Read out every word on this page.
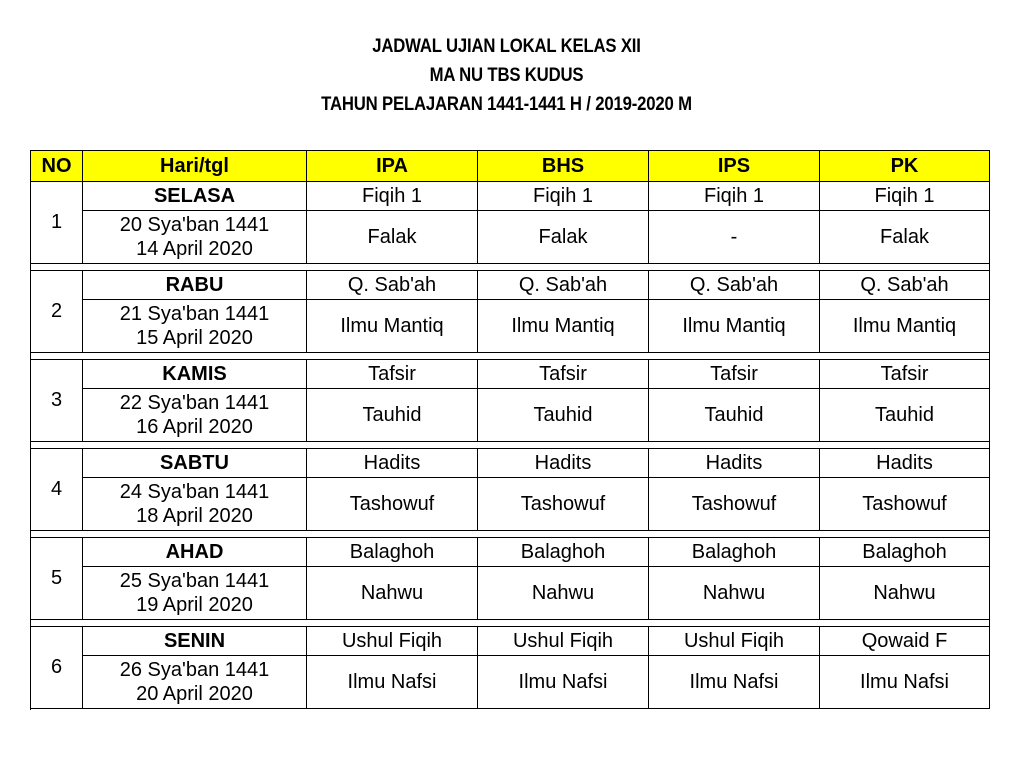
JADWAL UJIAN LOKAL KELAS XII
MA NU TBS KUDUS
TAHUN PELAJARAN 1441-1441 H / 2019-2020 M
NO	Hari/tgl	IPA	BHS	IPS	PK
1	SELASA	Fiqih 1	Fiqih 1	Fiqih 1	Fiqih 1

	20 Sya'ban 1441
14 April 2020	Falak	Falak	-	Falak

2	RABU	Q. Sab'ah	Q. Sab'ah	Q. Sab'ah	Q. Sab'ah

	21 Sya'ban 1441
15 April 2020	Ilmu Mantiq	Ilmu Mantiq	Ilmu Mantiq	Ilmu Mantiq

3	KAMIS	Tafsir	Tafsir	Tafsir	Tafsir

	22 Sya'ban 1441
16 April 2020	Tauhid	Tauhid	Tauhid	Tauhid

4	SABTU	Hadits	Hadits	Hadits	Hadits

	24 Sya'ban 1441
18 April 2020	Tashowuf	Tashowuf	Tashowuf	Tashowuf

5	AHAD	Balaghoh	Balaghoh	Balaghoh	Balaghoh

	25 Sya'ban 1441
19 April 2020	Nahwu	Nahwu	Nahwu	Nahwu

6	SENIN	Ushul Fiqih	Ushul Fiqih	Ushul Fiqih	Qowaid F

	26 Sya'ban 1441
20 April 2020	Ilmu Nafsi	Ilmu Nafsi	Ilmu Nafsi	Ilmu Nafsi
